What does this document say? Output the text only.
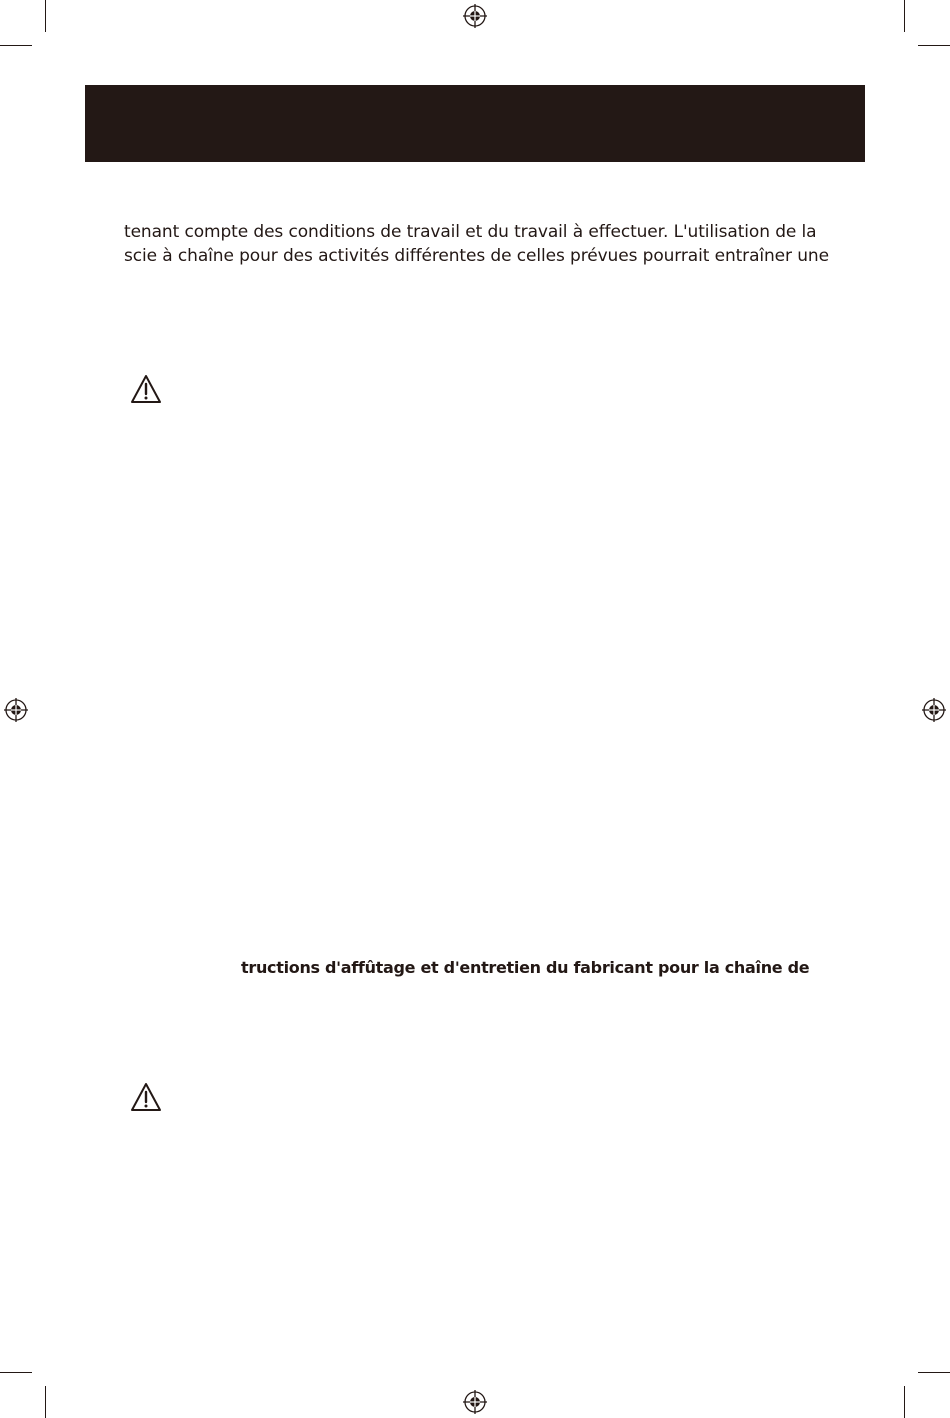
tenant compte des conditions de travail et du travail à effectuer. L'utilisation de la
scie à chaîne pour des activités différentes de celles prévues pourrait entraîner une
tructions d'affûtage et d'entretien du fabricant pour la chaîne de
